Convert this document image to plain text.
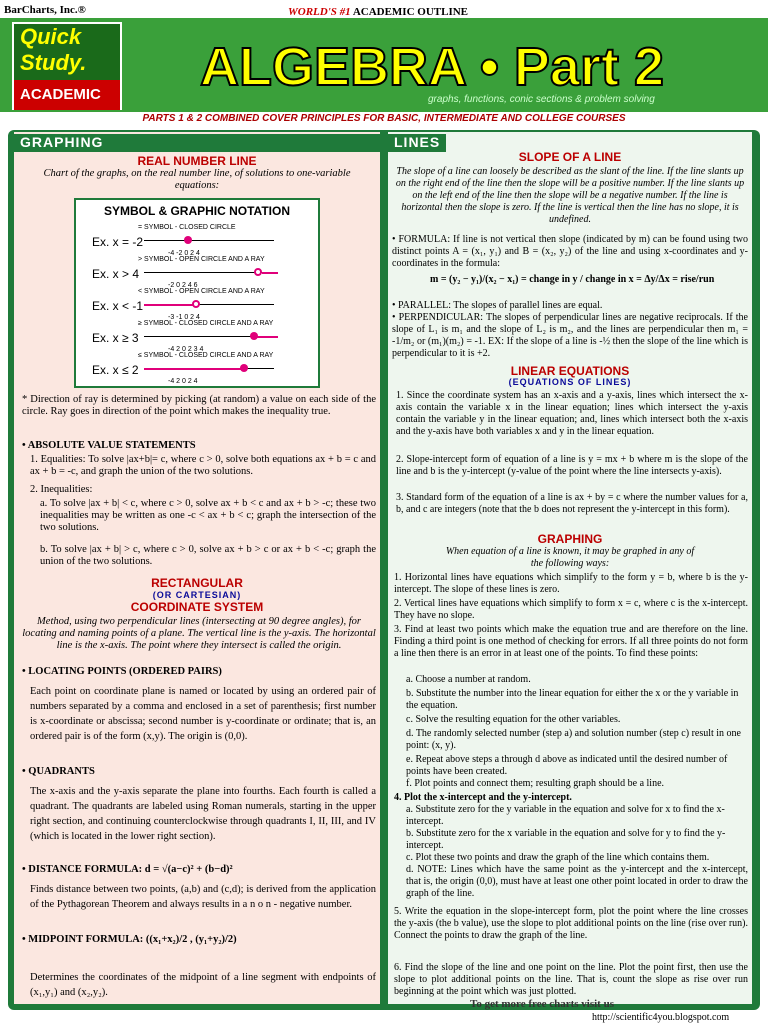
BarCharts, Inc.®	WORLD'S #1 ACADEMIC OUTLINE
Quick
Study.
ACADEMIC	ALGEBRA • Part 2
graphs, functions, conic sections & problem solving
PARTS 1 & 2 COMBINED COVER PRINCIPLES FOR BASIC, INTERMEDIATE AND COLLEGE COURSES
GRAPHING
REAL NUMBER LINE
Chart of the graphs, on the real number line, of solutions to one-variable equations:
SYMBOL & GRAPHIC NOTATION
= SYMBOL - CLOSED CIRCLE
Ex. x = -2
-4 -2 0 2 4
> SYMBOL - OPEN CIRCLE AND A RAY
Ex. x > 4
-2 0 2 4 6
< SYMBOL - OPEN CIRCLE AND A RAY
Ex. x < -1
-3 -1 0 2 4
≥ SYMBOL - CLOSED CIRCLE AND A RAY
Ex. x ≥ 3
-4 2 0 2 3 4
≤ SYMBOL - CLOSED CIRCLE AND A RAY
Ex. x ≤ 2
-4 2 0 2 4
* Direction of ray is determined by picking (at random) a value on each side of the circle. Ray goes in direction of the point which makes the inequality true.
• ABSOLUTE VALUE STATEMENTS
1. Equalities: To solve |ax+b|= c, where c > 0, solve both equations ax + b = c and ax + b = -c, and graph the union of the two solutions.
2. Inequalities:
a. To solve |ax + b| < c, where c > 0, solve ax + b < c and ax + b > -c; these two inequalities may be written as one -c < ax + b < c; graph the intersection of the two solutions.
b. To solve |ax + b| > c, where c > 0, solve ax + b > c or ax + b < -c; graph the union of the two solutions.
RECTANGULAR
(OR CARTESIAN)
COORDINATE SYSTEM
Method, using two perpendicular lines (intersecting at 90 degree angles), for locating and naming points of a plane. The vertical line is the y-axis. The horizontal line is the x-axis. The point where they intersect is called the origin.
• LOCATING POINTS (ORDERED PAIRS)
Each point on coordinate plane is named or located by using an ordered pair of numbers separated by a comma and enclosed in a set of parenthesis; first number is x-coordinate or abscissa; second number is y-coordinate or ordinate; that is, an ordered pair is of the form (x,y). The origin is (0,0).
• QUADRANTS
The x-axis and the y-axis separate the plane into fourths. Each fourth is called a quadrant. The quadrants are labeled using Roman numerals, starting in the upper right section, and continuing counterclockwise through quadrants I, II, III, and IV (which is located in the lower right section).
• DISTANCE FORMULA: d = √(a−c)² + (b−d)²
Finds distance between two points, (a,b) and (c,d); is derived from the application of the Pythagorean Theorem and always results in a n o n - negative number.
• MIDPOINT FORMULA: ((x₁+x₂)/2 , (y₁+y₂)/2)
Determines the coordinates of the midpoint of a line segment with endpoints of (x₁,y₁) and (x₂,y₂).
LINES
SLOPE OF A LINE
The slope of a line can loosely be described as the slant of the line. If the line slants up on the right end of the line then the slope will be a positive number. If the line slants up on the left end of the line then the slope will be a negative number. If the line is horizontal then the slope is zero. If the line is vertical then the line has no slope, it is undefined.
• FORMULA: If line is not vertical then slope (indicated by m) can be found using two distinct points A = (x₁, y₁) and B = (x₂, y₂) of the line and using x-coordinates and y-coordinates in the formula:
m = (y₂ − y₁)/(x₂ − x₁) = change in y / change in x = Δy/Δx = rise/run
• PARALLEL: The slopes of parallel lines are equal.
• PERPENDICULAR: The slopes of perpendicular lines are negative reciprocals. If the slope of L₁ is m₁ and the slope of L₂ is m₂, and the lines are perpendicular then m₁ = -1/m₂ or (m₁)(m₂) = -1. EX: If the slope of a line is -½ then the slope of the line which is perpendicular to it is +2.
LINEAR EQUATIONS
(EQUATIONS OF LINES)
1. Since the coordinate system has an x-axis and a y-axis, lines which intersect the x-axis contain the variable x in the linear equation; lines which intersect the y-axis contain the variable y in the linear equation; and, lines which intersect both the x-axis and the y-axis have both variables x and y in the linear equation.
2. Slope-intercept form of equation of a line is y = mx + b where m is the slope of the line and b is the y-intercept (y-value of the point where the line intersects y-axis).
3. Standard form of the equation of a line is ax + by = c where the number values for a, b, and c are integers (note that the b does not represent the y-intercept in this form).
GRAPHING
When equation of a line is known, it may be graphed in any of the following ways:
1. Horizontal lines have equations which simplify to the form y = b, where b is the y-intercept. The slope of these lines is zero.
2. Vertical lines have equations which simplify to form x = c, where c is the x-intercept. They have no slope.
3. Find at least two points which make the equation true and are therefore on the line. Finding a third point is one method of checking for errors. If all three points do not form a line then there is an error in at least one of the points. To find these points:
a. Choose a number at random.
b. Substitute the number into the linear equation for either the x or the y variable in the equation.
c. Solve the resulting equation for the other variables.
d. The randomly selected number (step a) and solution number (step c) result in one point: (x, y).
e. Repeat above steps a through d above as indicated until the desired number of points have been created.
f. Plot points and connect them; resulting graph should be a line.
4. Plot the x-intercept and the y-intercept.
a. Substitute zero for the y variable in the equation and solve for x to find the x-intercept.
b. Substitute zero for the x variable in the equation and solve for y to find the y-intercept.
c. Plot these two points and draw the graph of the line which contains them.
d. NOTE: Lines which have the same point as the y-intercept and the x-intercept, that is, the origin (0,0), must have at least one other point located in order to draw the graph of the line.
5. Write the equation in the slope-intercept form, plot the point where the line crosses the y-axis (the b value), use the slope to plot additional points on the line (rise over run). Connect the points to draw the graph of the line.
6. Find the slope of the line and one point on the line. Plot the point first, then use the slope to plot additional points on the line. That is, count the slope as rise over run beginning at the point which was just plotted.
To get more free charts visit us
http://scientific4you.blogspot.com
